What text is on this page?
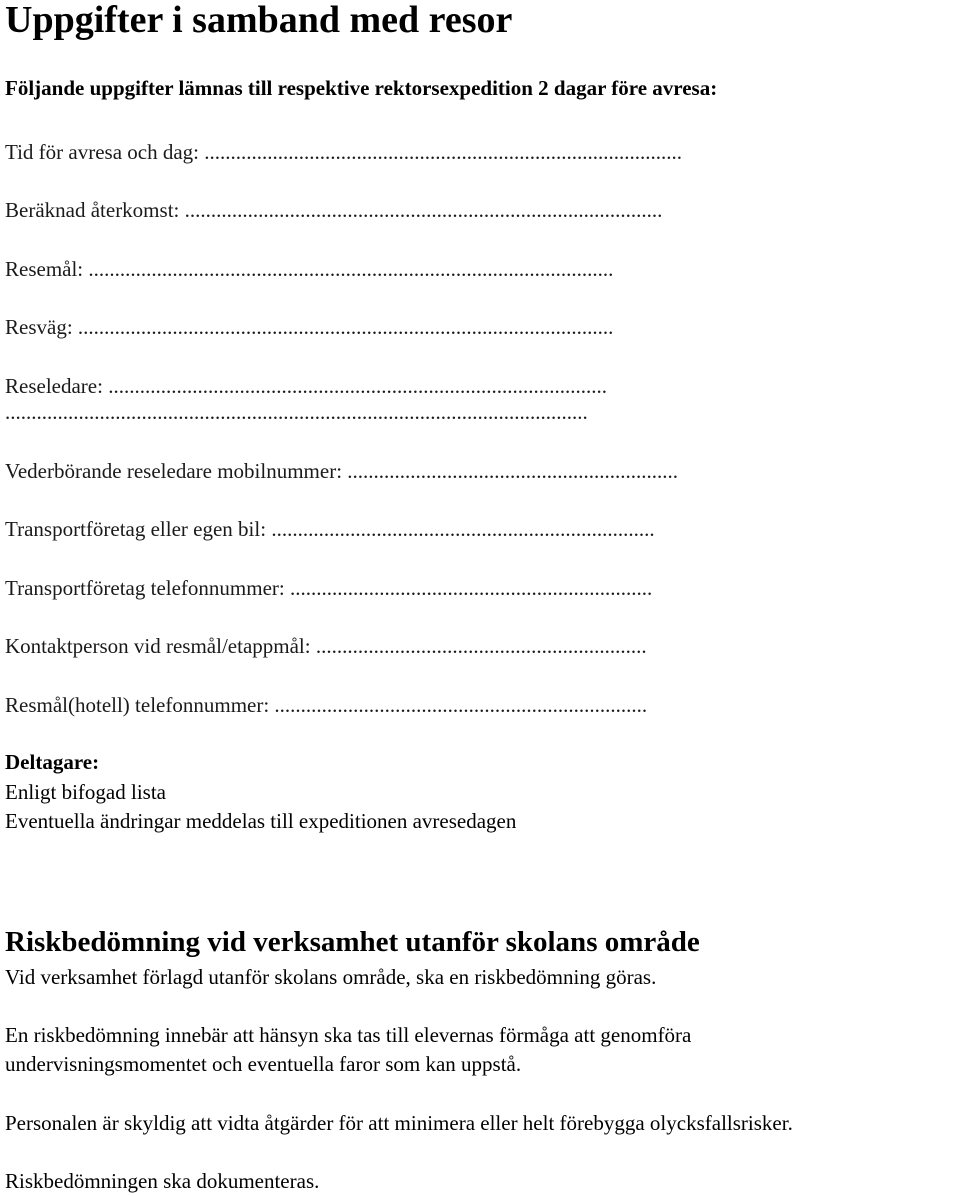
Uppgifter i samband med resor
Följande uppgifter lämnas till respektive rektorsexpedition 2 dagar före avresa:
Tid för avresa och dag: ...........................................................................................
Beräknad återkomst: ...........................................................................................
Resemål: ....................................................................................................
Resväg: ......................................................................................................
Reseledare: ...............................................................................................
...............................................................................................................
Vederbörande reseledare mobilnummer: ...............................................................
Transportföretag eller egen bil: .........................................................................
Transportföretag telefonnummer: .....................................................................
Kontaktperson vid resmål/etappmål: ...............................................................
Resmål(hotell) telefonnummer: .......................................................................
Deltagare:
Enligt bifogad lista
Eventuella ändringar meddelas till expeditionen avresedagen
Riskbedömning vid verksamhet utanför skolans område
Vid verksamhet förlagd utanför skolans område, ska en riskbedömning göras.
En riskbedömning innebär att hänsyn ska tas till elevernas förmåga att genomföra
undervisningsmomentet och eventuella faror som kan uppstå.
Personalen är skyldig att vidta åtgärder för att minimera eller helt förebygga olycksfallsrisker.
Riskbedömningen ska dokumenteras.
